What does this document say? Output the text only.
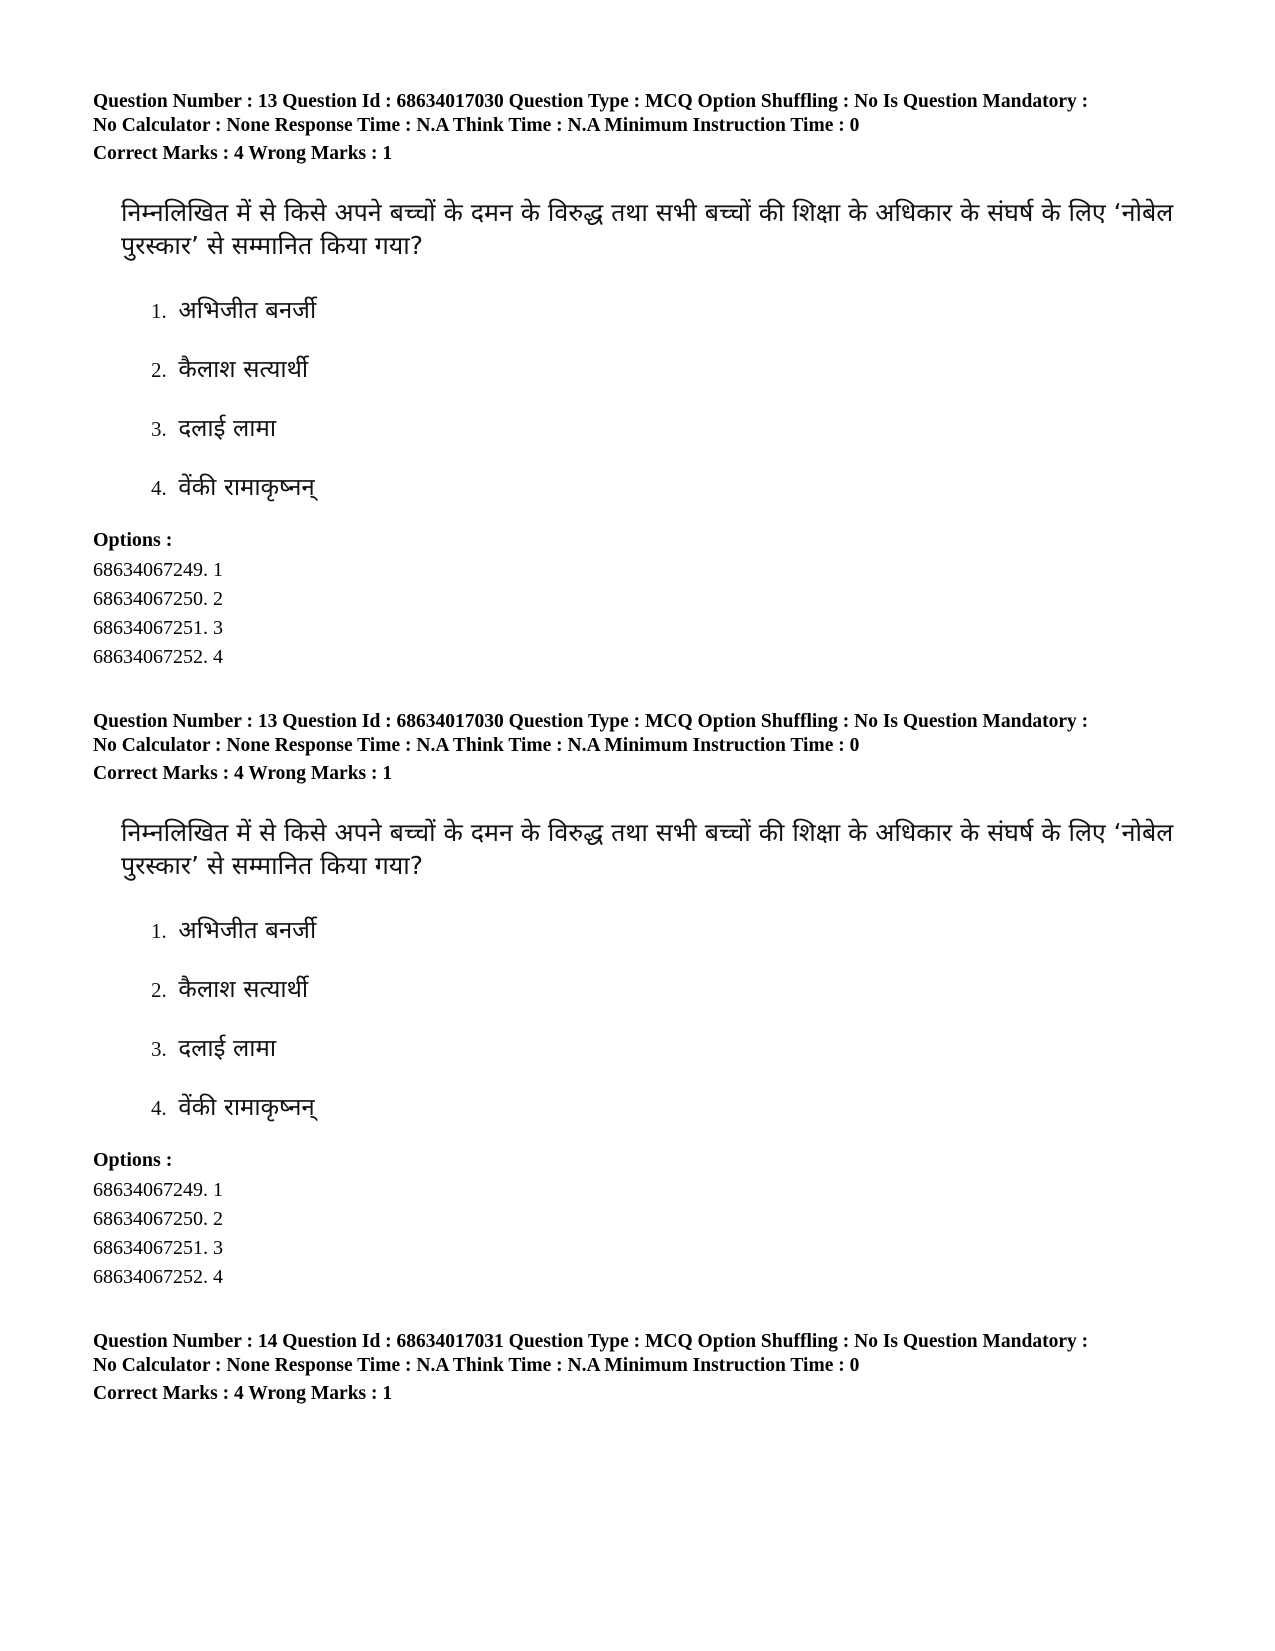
Question Number : 13 Question Id : 68634017030 Question Type : MCQ Option Shuffling : No Is Question Mandatory :
No Calculator : None Response Time : N.A Think Time : N.A Minimum Instruction Time : 0
Correct Marks : 4 Wrong Marks : 1
निम्नलिखित में से किसे अपने बच्चों के दमन के विरुद्ध तथा सभी बच्चों की शिक्षा के अधिकार के संघर्ष के लिए ‘नोबेल
पुरस्कार’ से सम्मानित किया गया?
1. अभिजीत बनर्जी
2. कैलाश सत्यार्थी
3. दलाई लामा
4. वेंकी रामाकृष्नन्
Options :
68634067249. 1
68634067250. 2
68634067251. 3
68634067252. 4
Question Number : 13 Question Id : 68634017030 Question Type : MCQ Option Shuffling : No Is Question Mandatory :
No Calculator : None Response Time : N.A Think Time : N.A Minimum Instruction Time : 0
Correct Marks : 4 Wrong Marks : 1
निम्नलिखित में से किसे अपने बच्चों के दमन के विरुद्ध तथा सभी बच्चों की शिक्षा के अधिकार के संघर्ष के लिए ‘नोबेल
पुरस्कार’ से सम्मानित किया गया?
1. अभिजीत बनर्जी
2. कैलाश सत्यार्थी
3. दलाई लामा
4. वेंकी रामाकृष्नन्
Options :
68634067249. 1
68634067250. 2
68634067251. 3
68634067252. 4
Question Number : 14 Question Id : 68634017031 Question Type : MCQ Option Shuffling : No Is Question Mandatory :
No Calculator : None Response Time : N.A Think Time : N.A Minimum Instruction Time : 0
Correct Marks : 4 Wrong Marks : 1
